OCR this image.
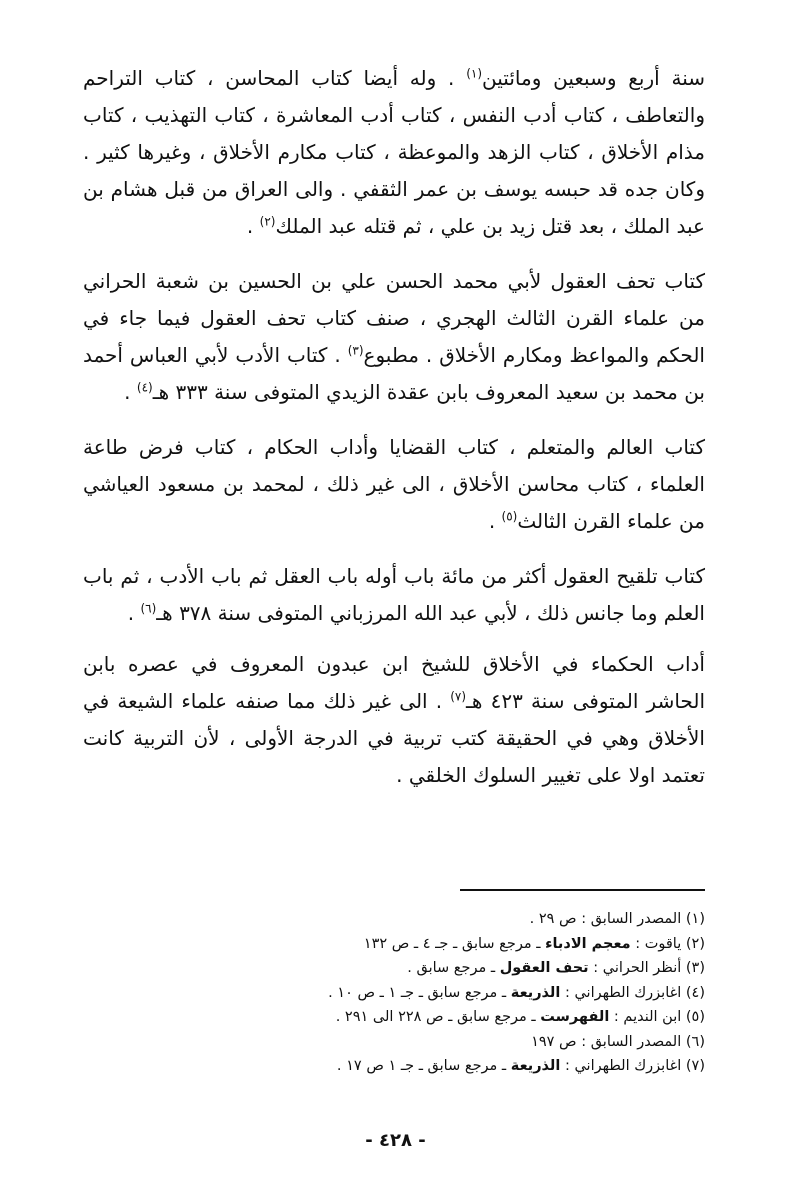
سنة أربع وسبعين ومائتين$^{(١)}$ . وله أيضا كتاب المحاسن ، كتاب التراحم والتعاطف ، كتاب أدب النفس ، كتاب أدب المعاشرة ، كتاب التهذيب ، كتاب مذام الأخلاق ، كتاب الزهد والموعظة ، كتاب مكارم الأخلاق ، وغيرها كثير . وكان جده قد حبسه يوسف بن عمر الثقفي . والى العراق من قبل هشام بن عبد الملك ، بعد قتل زيد بن علي ، ثم قتله عبد الملك$^{(٢)}$ .

كتاب تحف العقول لأبي محمد الحسن علي بن الحسين بن شعبة الحراني من علماء القرن الثالث الهجري ، صنف كتاب تحف العقول فيما جاء في الحكم والمواعظ ومكارم الأخلاق . مطبوع$^{(٣)}$ . كتاب الأدب لأبي العباس أحمد بن محمد بن سعيد المعروف بابن عقدة الزيدي المتوفى سنة ٣٣٣ هـ$^{(٤)}$ .

كتاب العالم والمتعلم ، كتاب القضايا وأداب الحكام ، كتاب فرض طاعة العلماء ، كتاب محاسن الأخلاق ، الى غير ذلك ، لمحمد بن مسعود العياشي من علماء القرن الثالث$^{(٥)}$ .

كتاب تلقيح العقول أكثر من مائة باب أوله باب العقل ثم باب الأدب ، ثم باب العلم وما جانس ذلك ، لأبي عبد الله المرزباني المتوفى سنة ٣٧٨ هـ$^{(٦)}$ .

أداب الحكماء في الأخلاق للشيخ ابن عبدون المعروف في عصره بابن الحاشر المتوفى سنة ٤٢٣ هـ$^{(٧)}$ . الى غير ذلك مما صنفه علماء الشيعة في الأخلاق وهي في الحقيقة كتب تربية في الدرجة الأولى ، لأن التربية كانت تعتمد اولا على تغيير السلوك الخلقي .

(١) المصدر السابق : ص ٢٩ .
(٢) ياقوت : معجم الادباء ـ مرجع سابق ـ جـ ٤ ـ ص ١٣٢
(٣) أنظر الحراني : تحف العقول ـ مرجع سابق .
(٤) اغابزرك الطهراني : الذريعة ـ مرجع سابق ـ جـ ١ ـ ص ١٠ .
(٥) ابن النديم : الفهرست ـ مرجع سابق ـ ص ٢٢٨ الى ٢٩١ .
(٦) المصدر السابق : ص ١٩٧
(٧) اغابزرك الطهراني : الذريعة ـ مرجع سابق ـ جـ ١ ص ١٧ .
- ٤٢٨ -
